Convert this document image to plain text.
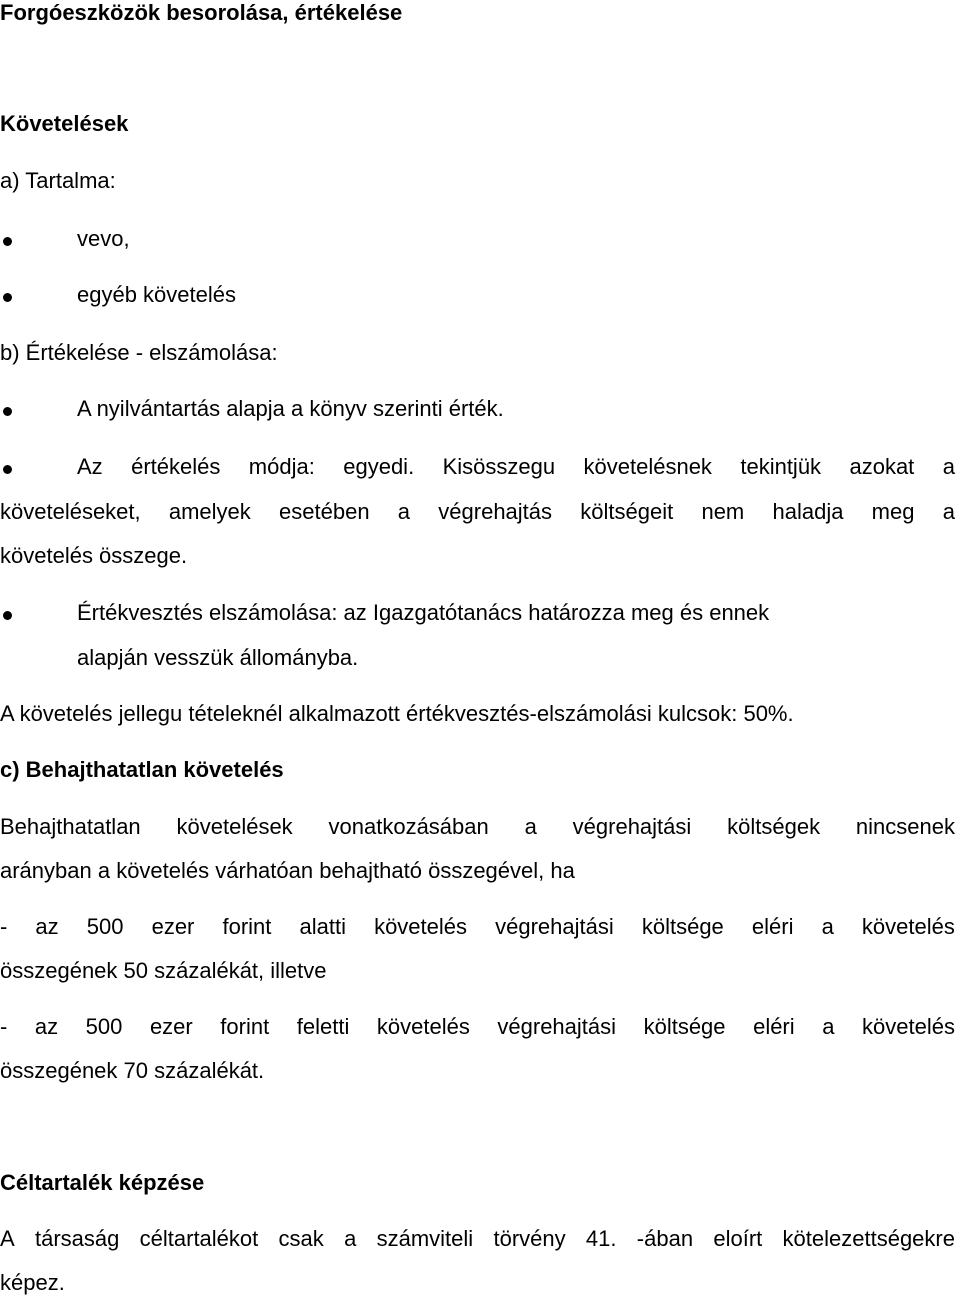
Forgóeszközök besorolása, értékelése
Követelések
a) Tartalma:
vevo,
egyéb követelés
b) Értékelése - elszámolása:
A nyilvántartás alapja a könyv szerinti érték.
Az értékelés módja: egyedi. Kisösszegu követelésnek tekintjük azokat a
követeléseket, amelyek esetében a végrehajtás költségeit nem haladja meg a
követelés összege.
Értékvesztés elszámolása: az Igazgatótanács határozza meg és ennek
alapján vesszük állományba.
A követelés jellegu tételeknél alkalmazott értékvesztés-elszámolási kulcsok: 50%.
c) Behajthatatlan követelés
Behajthatatlan követelések vonatkozásában a végrehajtási költségek nincsenek
arányban a követelés várhatóan behajtható összegével, ha
- az 500 ezer forint alatti követelés végrehajtási költsége eléri a követelés
összegének 50 százalékát, illetve
- az 500 ezer forint feletti követelés végrehajtási költsége eléri a követelés
összegének 70 százalékát.
Céltartalék képzése
A társaság céltartalékot csak a számviteli törvény 41. -ában eloírt kötelezettségekre
képez.
